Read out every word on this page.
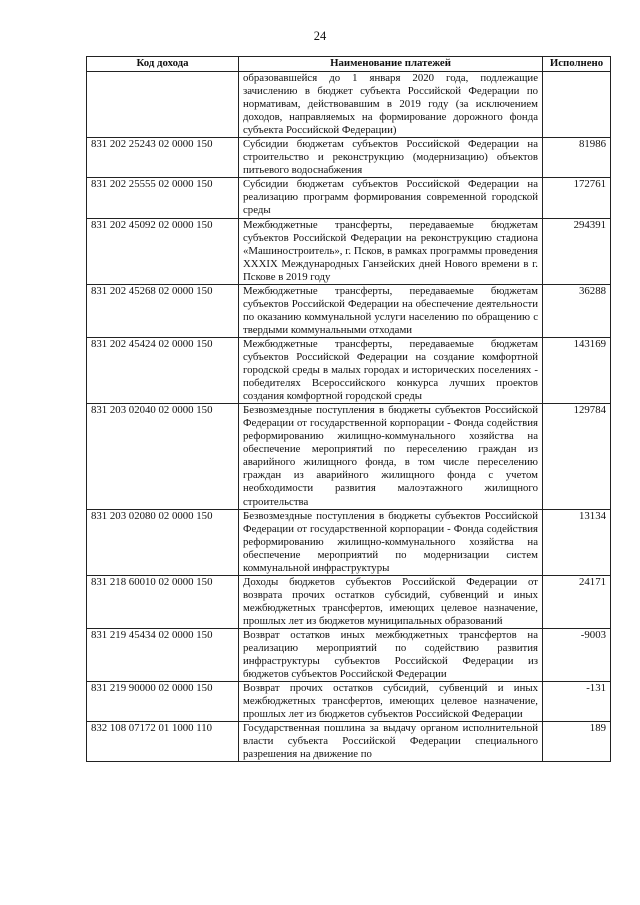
24
Код дохода	Наименование платежей	Исполнено
	образовавшейся до 1 января 2020 года, подлежащие зачислению в бюджет субъекта Российской Федерации по нормативам, действовавшим в 2019 году (за исключением доходов, направляемых на формирование дорожного фонда субъекта Российской Федерации)	
831 202 25243 02 0000 150	Субсидии бюджетам субъектов Российской Федерации на строительство и реконструкцию (модернизацию) объектов питьевого водоснабжения	81986
831 202 25555 02 0000 150	Субсидии бюджетам субъектов Российской Федерации на реализацию программ формирования современной городской среды	172761
831 202 45092 02 0000 150	Межбюджетные трансферты, передаваемые бюджетам субъектов Российской Федерации на реконструкцию стадиона «Машиностроитель», г. Псков, в рамках программы проведения XXXIX Международных Ганзейских дней Нового времени в г. Пскове в 2019 году	294391
831 202 45268 02 0000 150	Межбюджетные трансферты, передаваемые бюджетам субъектов Российской Федерации на обеспечение деятельности по оказанию коммунальной услуги населению по обращению с твердыми коммунальными отходами	36288
831 202 45424 02 0000 150	Межбюджетные трансферты, передаваемые бюджетам субъектов Российской Федерации на создание комфортной городской среды в малых городах и исторических поселениях - победителях Всероссийского конкурса лучших проектов создания комфортной городской среды	143169
831 203 02040 02 0000 150	Безвозмездные поступления в бюджеты субъектов Российской Федерации от государственной корпорации - Фонда содействия реформированию жилищно-коммунального хозяйства на обеспечение мероприятий по переселению граждан из аварийного жилищного фонда, в том числе переселению граждан из аварийного жилищного фонда с учетом необходимости развития малоэтажного жилищного строительства	129784
831 203 02080 02 0000 150	Безвозмездные поступления в бюджеты субъектов Российской Федерации от государственной корпорации - Фонда содействия реформированию жилищно-коммунального хозяйства на обеспечение мероприятий по модернизации систем коммунальной инфраструктуры	13134
831 218 60010 02 0000 150	Доходы бюджетов субъектов Российской Федерации от возврата прочих остатков субсидий, субвенций и иных межбюджетных трансфертов, имеющих целевое назначение, прошлых лет из бюджетов муниципальных образований	24171
831 219 45434 02 0000 150	Возврат остатков иных межбюджетных трансфертов на реализацию мероприятий по содействию развития инфраструктуры субъектов Российской Федерации из бюджетов субъектов Российской Федерации	-9003
831 219 90000 02 0000 150	Возврат прочих остатков субсидий, субвенций и иных межбюджетных трансфертов, имеющих целевое назначение, прошлых лет из бюджетов субъектов Российской Федерации	-131
832 108 07172 01 1000 110	Государственная пошлина за выдачу органом исполнительной власти субъекта Российской Федерации специального разрешения на движение по	189
